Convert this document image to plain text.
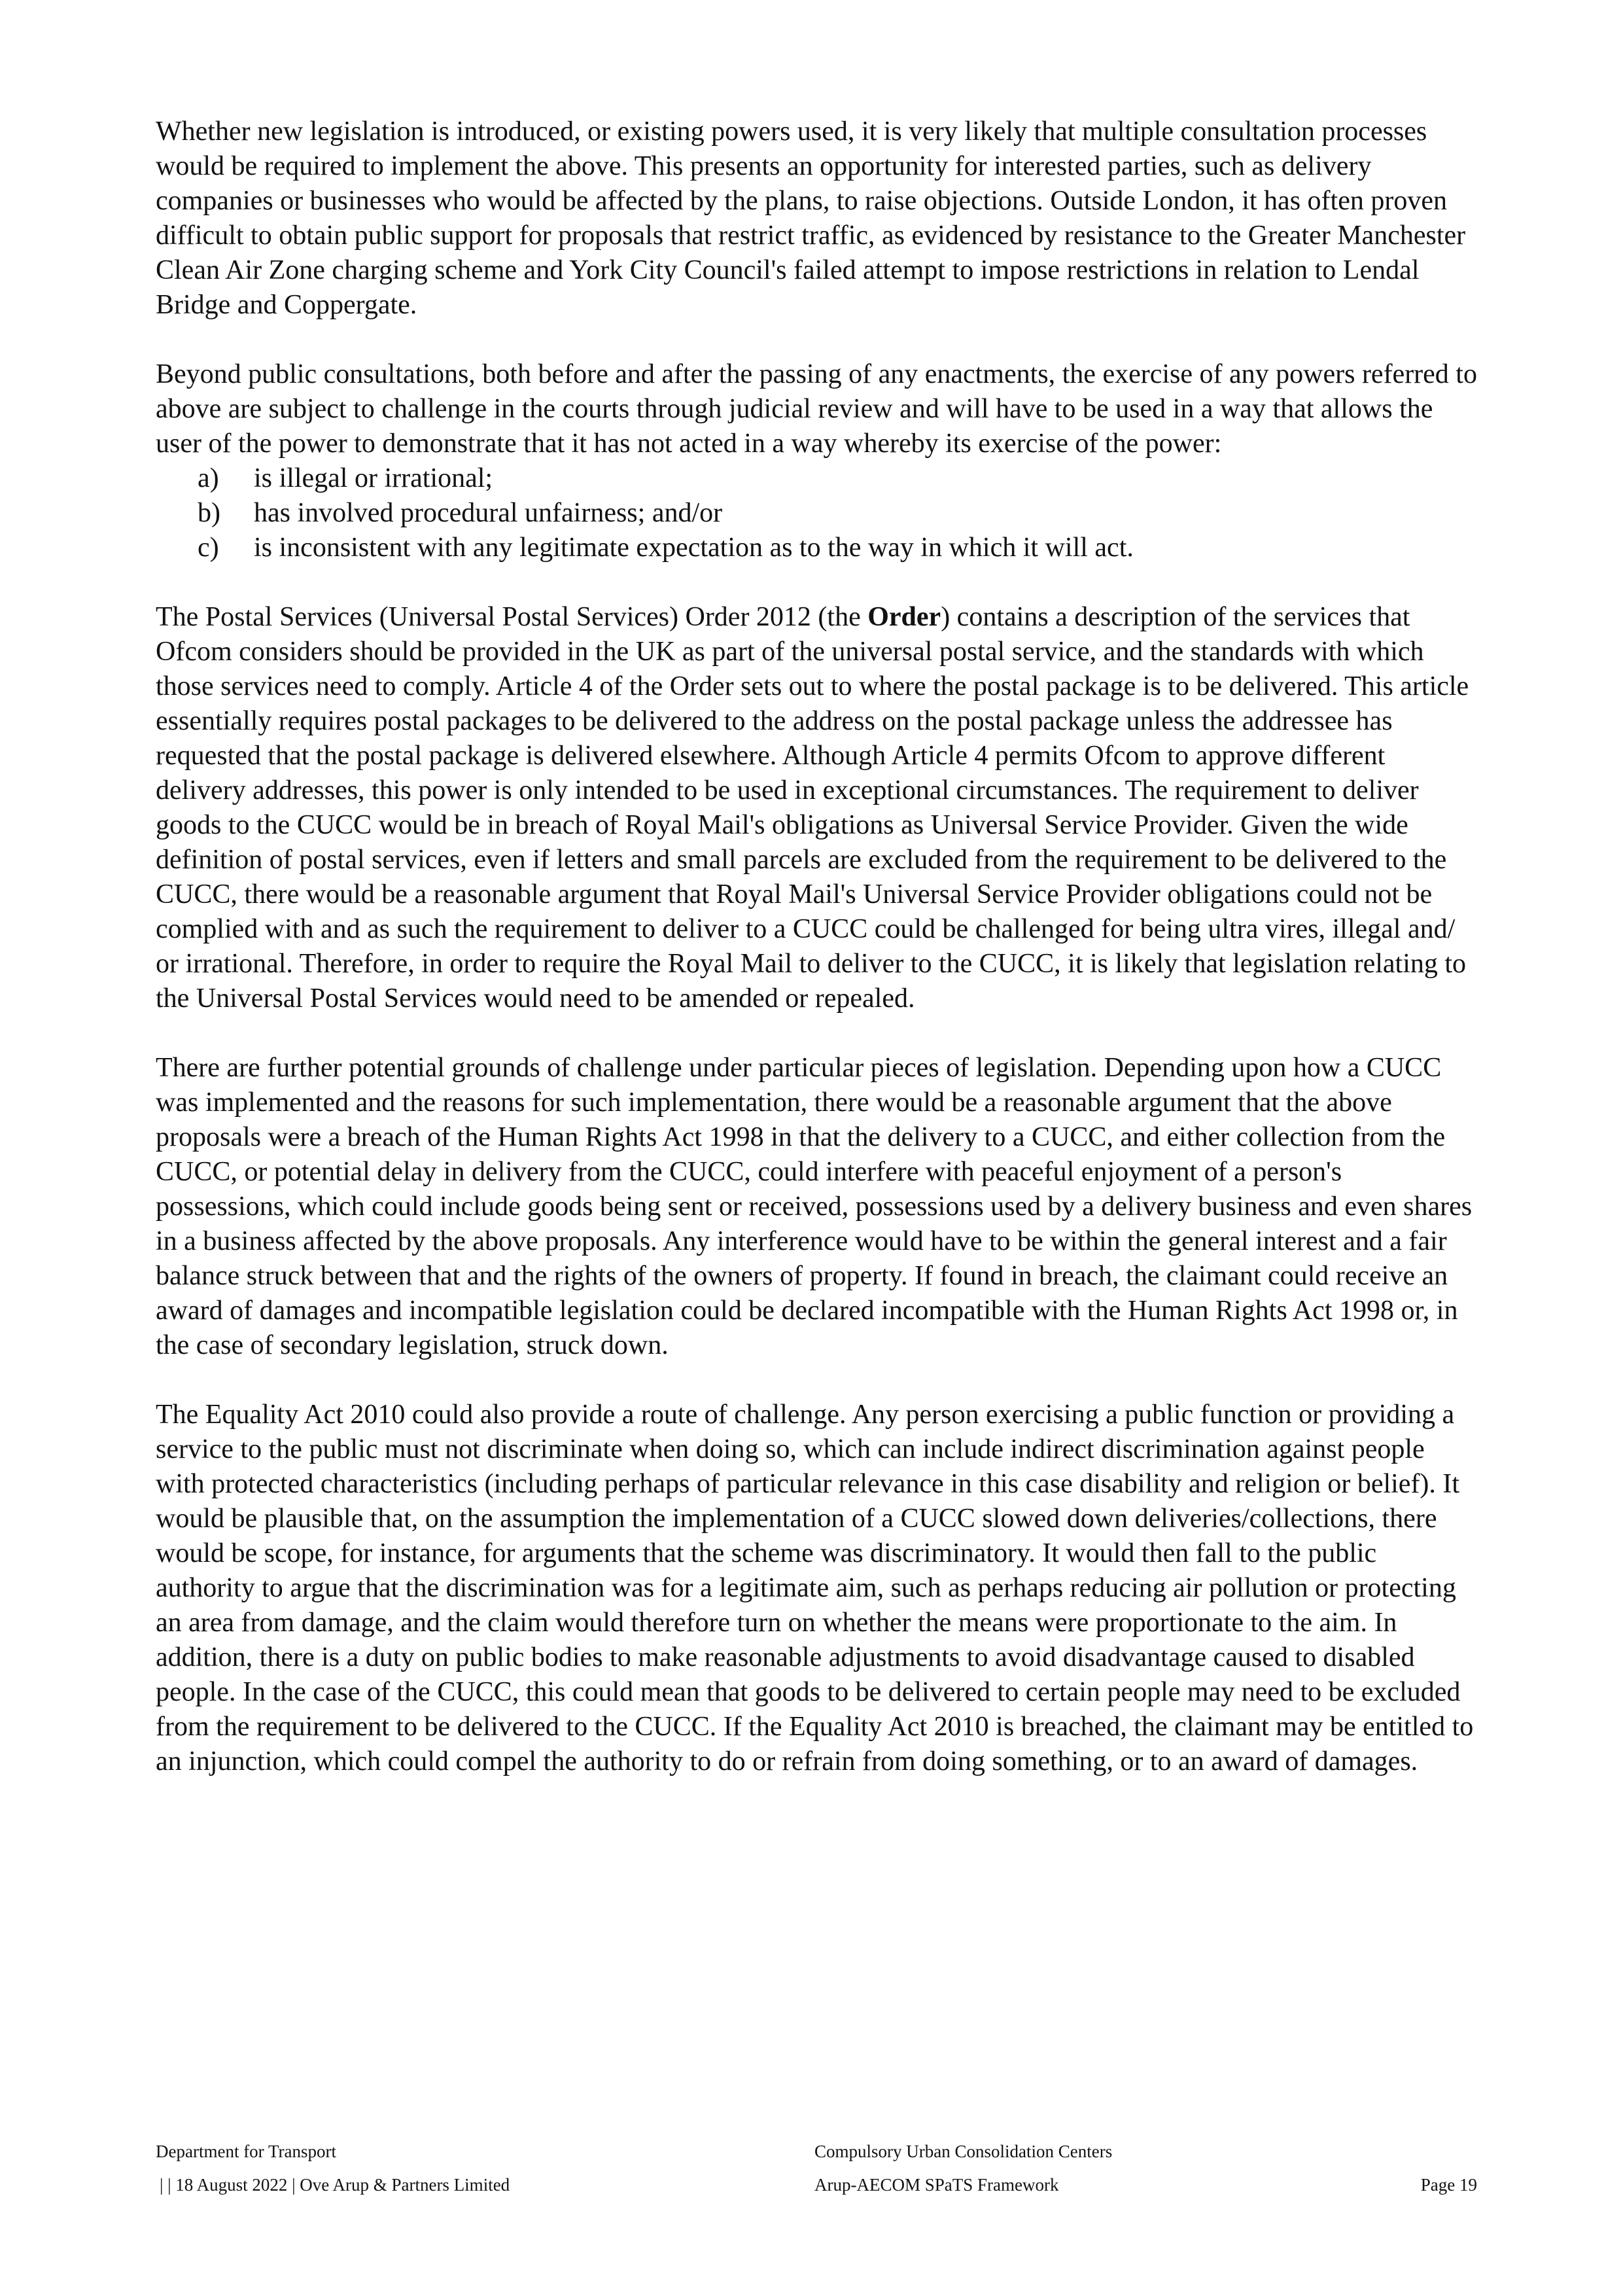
Whether new legislation is introduced, or existing powers used, it is very likely that multiple consultation processes would be required to implement the above. This presents an opportunity for interested parties, such as delivery companies or businesses who would be affected by the plans, to raise objections. Outside London, it has often proven difficult to obtain public support for proposals that restrict traffic, as evidenced by resistance to the Greater Manchester Clean Air Zone charging scheme and York City Council's failed attempt to impose restrictions in relation to Lendal Bridge and Coppergate.

Beyond public consultations, both before and after the passing of any enactments, the exercise of any powers referred to above are subject to challenge in the courts through judicial review and will have to be used in a way that allows the user of the power to demonstrate that it has not acted in a way whereby its exercise of the power:

a) is illegal or irrational;
b) has involved procedural unfairness; and/or
c) is inconsistent with any legitimate expectation as to the way in which it will act.

The Postal Services (Universal Postal Services) Order 2012 (the Order) contains a description of the services that Ofcom considers should be provided in the UK as part of the universal postal service, and the standards with which those services need to comply. Article 4 of the Order sets out to where the postal package is to be delivered. This article essentially requires postal packages to be delivered to the address on the postal package unless the addressee has requested that the postal package is delivered elsewhere. Although Article 4 permits Ofcom to approve different delivery addresses, this power is only intended to be used in exceptional circumstances. The requirement to deliver goods to the CUCC would be in breach of Royal Mail's obligations as Universal Service Provider. Given the wide definition of postal services, even if letters and small parcels are excluded from the requirement to be delivered to the CUCC, there would be a reasonable argument that Royal Mail's Universal Service Provider obligations could not be complied with and as such the requirement to deliver to a CUCC could be challenged for being ultra vires, illegal and/ or irrational. Therefore, in order to require the Royal Mail to deliver to the CUCC, it is likely that legislation relating to the Universal Postal Services would need to be amended or repealed.

There are further potential grounds of challenge under particular pieces of legislation. Depending upon how a CUCC was implemented and the reasons for such implementation, there would be a reasonable argument that the above proposals were a breach of the Human Rights Act 1998 in that the delivery to a CUCC, and either collection from the CUCC, or potential delay in delivery from the CUCC, could interfere with peaceful enjoyment of a person's possessions, which could include goods being sent or received, possessions used by a delivery business and even shares in a business affected by the above proposals. Any interference would have to be within the general interest and a fair balance struck between that and the rights of the owners of property. If found in breach, the claimant could receive an award of damages and incompatible legislation could be declared incompatible with the Human Rights Act 1998 or, in the case of secondary legislation, struck down.

The Equality Act 2010 could also provide a route of challenge. Any person exercising a public function or providing a service to the public must not discriminate when doing so, which can include indirect discrimination against people with protected characteristics (including perhaps of particular relevance in this case disability and religion or belief). It would be plausible that, on the assumption the implementation of a CUCC slowed down deliveries/collections, there would be scope, for instance, for arguments that the scheme was discriminatory. It would then fall to the public authority to argue that the discrimination was for a legitimate aim, such as perhaps reducing air pollution or protecting an area from damage, and the claim would therefore turn on whether the means were proportionate to the aim. In addition, there is a duty on public bodies to make reasonable adjustments to avoid disadvantage caused to disabled people. In the case of the CUCC, this could mean that goods to be delivered to certain people may need to be excluded from the requirement to be delivered to the CUCC. If the Equality Act 2010 is breached, the claimant may be entitled to an injunction, which could compel the authority to do or refrain from doing something, or to an award of damages.

Department for Transport
| | 18 August 2022 | Ove Arup & Partners Limited
Compulsory Urban Consolidation Centers
Arup-AECOM SPaTS Framework	Page 19
